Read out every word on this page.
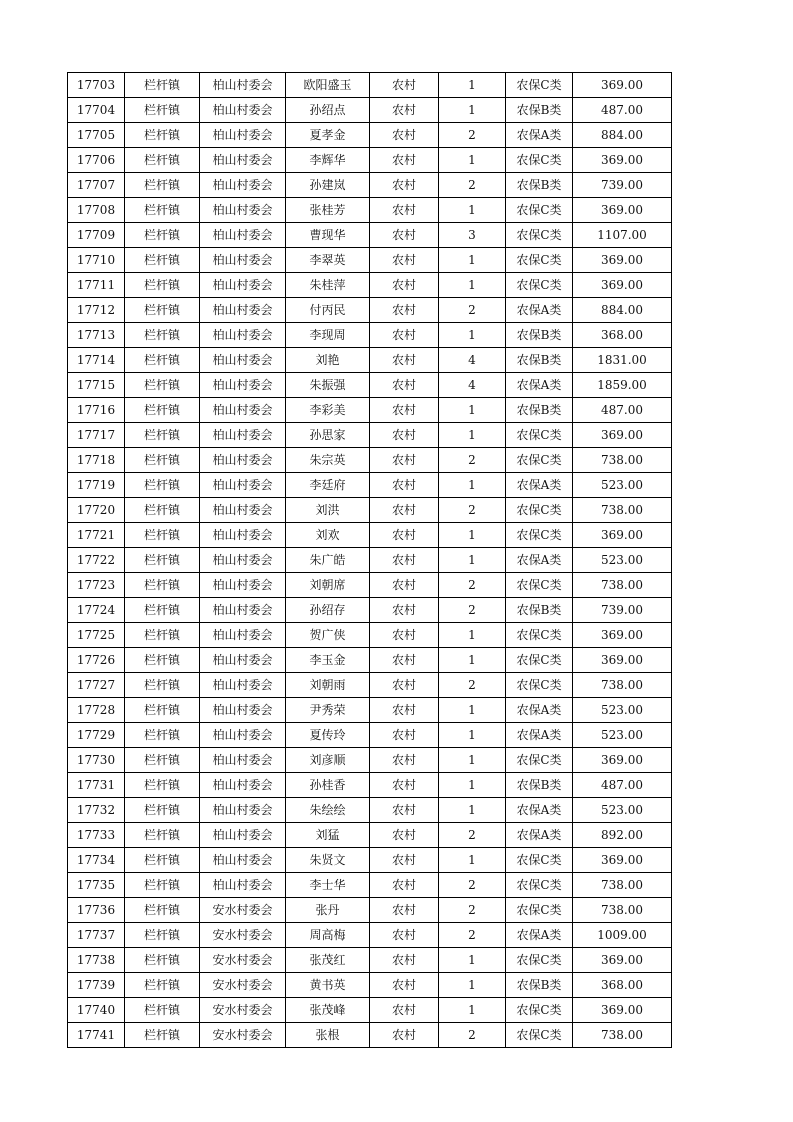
17703	栏杆镇	柏山村委会	欧阳盛玉	农村	1	农保C类	369.00
17704	栏杆镇	柏山村委会	孙绍点	农村	1	农保B类	487.00
17705	栏杆镇	柏山村委会	夏孝金	农村	2	农保A类	884.00
17706	栏杆镇	柏山村委会	李辉华	农村	1	农保C类	369.00
17707	栏杆镇	柏山村委会	孙建岚	农村	2	农保B类	739.00
17708	栏杆镇	柏山村委会	张桂芳	农村	1	农保C类	369.00
17709	栏杆镇	柏山村委会	曹现华	农村	3	农保C类	1107.00
17710	栏杆镇	柏山村委会	李翠英	农村	1	农保C类	369.00
17711	栏杆镇	柏山村委会	朱桂萍	农村	1	农保C类	369.00
17712	栏杆镇	柏山村委会	付丙民	农村	2	农保A类	884.00
17713	栏杆镇	柏山村委会	李现周	农村	1	农保B类	368.00
17714	栏杆镇	柏山村委会	刘艳	农村	4	农保B类	1831.00
17715	栏杆镇	柏山村委会	朱振强	农村	4	农保A类	1859.00
17716	栏杆镇	柏山村委会	李彩美	农村	1	农保B类	487.00
17717	栏杆镇	柏山村委会	孙思家	农村	1	农保C类	369.00
17718	栏杆镇	柏山村委会	朱宗英	农村	2	农保C类	738.00
17719	栏杆镇	柏山村委会	李廷府	农村	1	农保A类	523.00
17720	栏杆镇	柏山村委会	刘洪	农村	2	农保C类	738.00
17721	栏杆镇	柏山村委会	刘欢	农村	1	农保C类	369.00
17722	栏杆镇	柏山村委会	朱广皓	农村	1	农保A类	523.00
17723	栏杆镇	柏山村委会	刘朝席	农村	2	农保C类	738.00
17724	栏杆镇	柏山村委会	孙绍存	农村	2	农保B类	739.00
17725	栏杆镇	柏山村委会	贺广侠	农村	1	农保C类	369.00
17726	栏杆镇	柏山村委会	李玉金	农村	1	农保C类	369.00
17727	栏杆镇	柏山村委会	刘朝雨	农村	2	农保C类	738.00
17728	栏杆镇	柏山村委会	尹秀荣	农村	1	农保A类	523.00
17729	栏杆镇	柏山村委会	夏传玲	农村	1	农保A类	523.00
17730	栏杆镇	柏山村委会	刘彦顺	农村	1	农保C类	369.00
17731	栏杆镇	柏山村委会	孙桂香	农村	1	农保B类	487.00
17732	栏杆镇	柏山村委会	朱绘绘	农村	1	农保A类	523.00
17733	栏杆镇	柏山村委会	刘猛	农村	2	农保A类	892.00
17734	栏杆镇	柏山村委会	朱贤文	农村	1	农保C类	369.00
17735	栏杆镇	柏山村委会	李士华	农村	2	农保C类	738.00
17736	栏杆镇	安水村委会	张丹	农村	2	农保C类	738.00
17737	栏杆镇	安水村委会	周高梅	农村	2	农保A类	1009.00
17738	栏杆镇	安水村委会	张茂红	农村	1	农保C类	369.00
17739	栏杆镇	安水村委会	黄书英	农村	1	农保B类	368.00
17740	栏杆镇	安水村委会	张茂峰	农村	1	农保C类	369.00
17741	栏杆镇	安水村委会	张根	农村	2	农保C类	738.00
